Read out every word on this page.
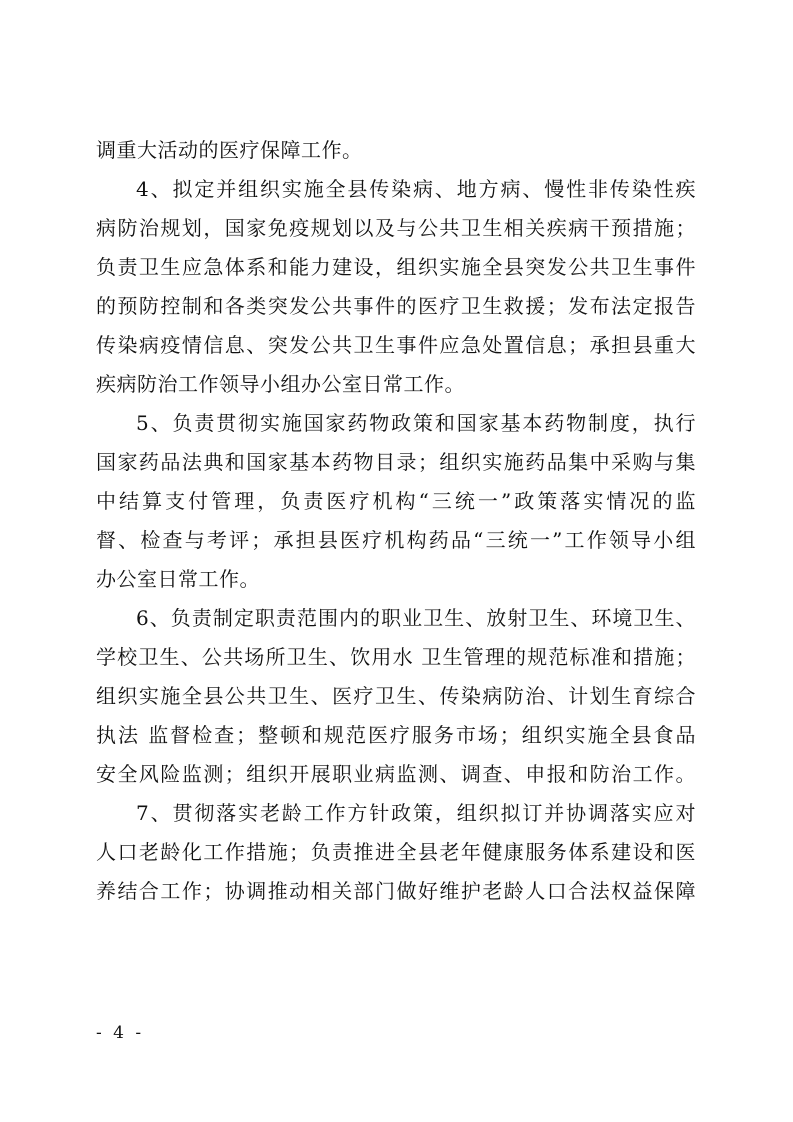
调重大活动的医疗保障工作。
4、拟定并组织实施全县传染病、地方病、慢性非传染性疾
病防治规划，国家免疫规划以及与公共卫生相关疾病干预措施；
负责卫生应急体系和能力建设，组织实施全县突发公共卫生事件
的预防控制和各类突发公共事件的医疗卫生救援；发布法定报告
传染病疫情信息、突发公共卫生事件应急处置信息；承担县重大
疾病防治工作领导小组办公室日常工作。
5、负责贯彻实施国家药物政策和国家基本药物制度，执行
国家药品法典和国家基本药物目录；组织实施药品集中采购与集
中结算支付管理，负责医疗机构“三统一”政策落实情况的监
督、检查与考评；承担县医疗机构药品“三统一”工作领导小组
办公室日常工作。
6、负责制定职责范围内的职业卫生、放射卫生、环境卫生、
学校卫生、公共场所卫生、饮用水 卫生管理的规范标准和措施；
组织实施全县公共卫生、医疗卫生、传染病防治、计划生育综合
执法 监督检查；整顿和规范医疗服务市场；组织实施全县食品
安全风险监测；组织开展职业病监测、调查、申报和防治工作。
7、贯彻落实老龄工作方针政策，组织拟订并协调落实应对
人口老龄化工作措施；负责推进全县老年健康服务体系建设和医
养结合工作；协调推动相关部门做好维护老龄人口合法权益保障
- 4 -
